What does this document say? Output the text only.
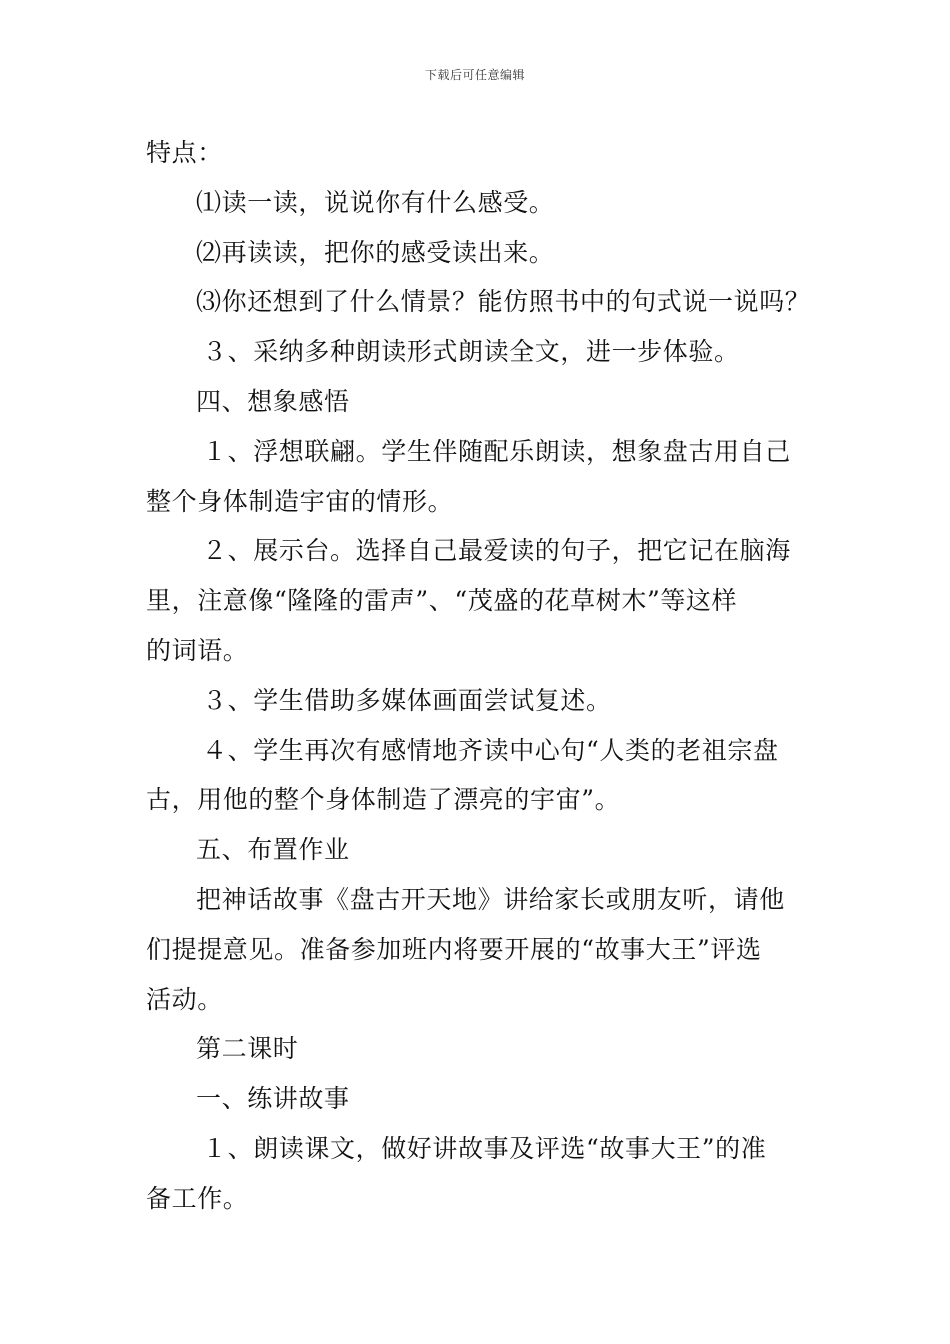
下载后可任意编辑
特点：
⑴读一读，说说你有什么感受。
⑵再读读，把你的感受读出来。
⑶你还想到了什么情景？能仿照书中的句式说一说吗？
３、采纳多种朗读形式朗读全文，进一步体验。
四、想象感悟
１、浮想联翩。学生伴随配乐朗读，想象盘古用自己
整个身体制造宇宙的情形。
２、展示台。选择自己最爱读的句子，把它记在脑海
里，注意像“隆隆的雷声”、“茂盛的花草树木”等这样
的词语。
３、学生借助多媒体画面尝试复述。
４、学生再次有感情地齐读中心句“人类的老祖宗盘
古，用他的整个身体制造了漂亮的宇宙”。
五、布置作业
把神话故事《盘古开天地》讲给家长或朋友听，请他
们提提意见。准备参加班内将要开展的“故事大王”评选
活动。
第二课时
一、练讲故事
１、朗读课文，做好讲故事及评选“故事大王”的准
备工作。
